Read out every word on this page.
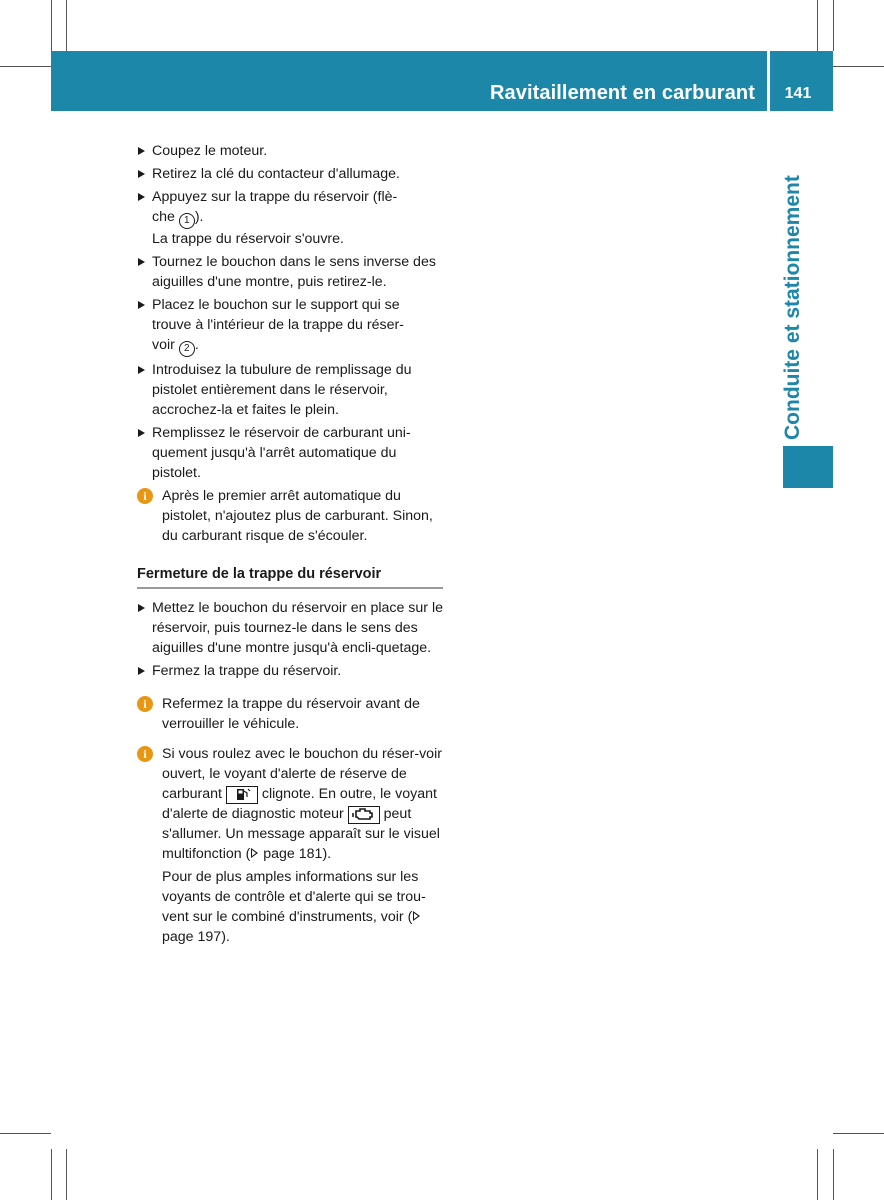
Ravitaillement en carburant	141
Conduite et stationnement
Coupez le moteur.
Retirez la clé du contacteur d'allumage.
Appuyez sur la trappe du réservoir (flè-
che 1 ).
La trappe du réservoir s'ouvre.
Tournez le bouchon dans le sens inverse des aiguilles d'une montre, puis retirez-le.
Placez le bouchon sur le support qui se trouve à l'intérieur de la trappe du réser-
voir 2 .
Introduisez la tubulure de remplissage du pistolet entièrement dans le réservoir, accrochez-la et faites le plein.
Remplissez le réservoir de carburant uni-quement jusqu'à l'arrêt automatique du pistolet.
i	Après le premier arrêt automatique du pistolet, n'ajoutez plus de carburant. Sinon, du carburant risque de s'écouler.
Fermeture de la trappe du réservoir
Mettez le bouchon du réservoir en place sur le réservoir, puis tournez-le dans le sens des aiguilles d'une montre jusqu'à encli-quetage.
Fermez la trappe du réservoir.
i	Refermez la trappe du réservoir avant de verrouiller le véhicule.
i	Si vous roulez avec le bouchon du réser-voir ouvert, le voyant d'alerte de réserve de carburant	clignote. En outre, le voyant d'alerte de diagnostic moteur	peut s'allumer. Un message apparaît sur le visuel multifonction ( page 181).

Pour de plus amples informations sur les voyants de contrôle et d'alerte qui se trou-vent sur le combiné d'instruments, voir ( page 197).
